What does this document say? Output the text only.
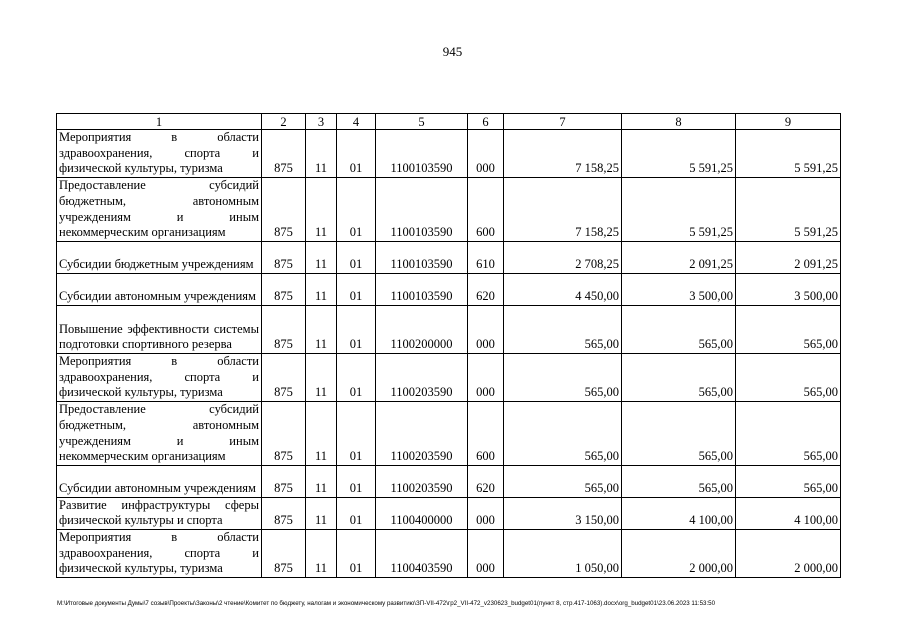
945
1	2	3	4	5	6	7	8	9
Мероприятия в области здравоохранения, спорта и физической культуры, туризма	875	11	01	1100103590	000	7 158,25	5 591,25	5 591,25
Предоставление субсидий бюджетным, автономным учреждениям и иным некоммерческим организациям	875	11	01	1100103590	600	7 158,25	5 591,25	5 591,25
Субсидии бюджетным учреждениям	875	11	01	1100103590	610	2 708,25	2 091,25	2 091,25
Субсидии автономным учреждениям	875	11	01	1100103590	620	4 450,00	3 500,00	3 500,00
Повышение эффективности системы подготовки спортивного резерва	875	11	01	1100200000	000	565,00	565,00	565,00
Мероприятия в области здравоохранения, спорта и физической культуры, туризма	875	11	01	1100203590	000	565,00	565,00	565,00
Предоставление субсидий бюджетным, автономным учреждениям и иным некоммерческим организациям	875	11	01	1100203590	600	565,00	565,00	565,00
Субсидии автономным учреждениям	875	11	01	1100203590	620	565,00	565,00	565,00
Развитие инфраструктуры сферы физической культуры и спорта	875	11	01	1100400000	000	3 150,00	4 100,00	4 100,00
Мероприятия в области здравоохранения, спорта и физической культуры, туризма	875	11	01	1100403590	000	1 050,00	2 000,00	2 000,00
M:\Итоговые документы Думы\7 созыв\Проекты\Законы\2 чтение\Комитет по бюджету, налогам и экономическому развитию\ЗП-VII-472\гр2_VII-472_v230623_budget01(пункт 8, стр.417-1063).docx\org_budget01\23.06.2023 11:53:50
